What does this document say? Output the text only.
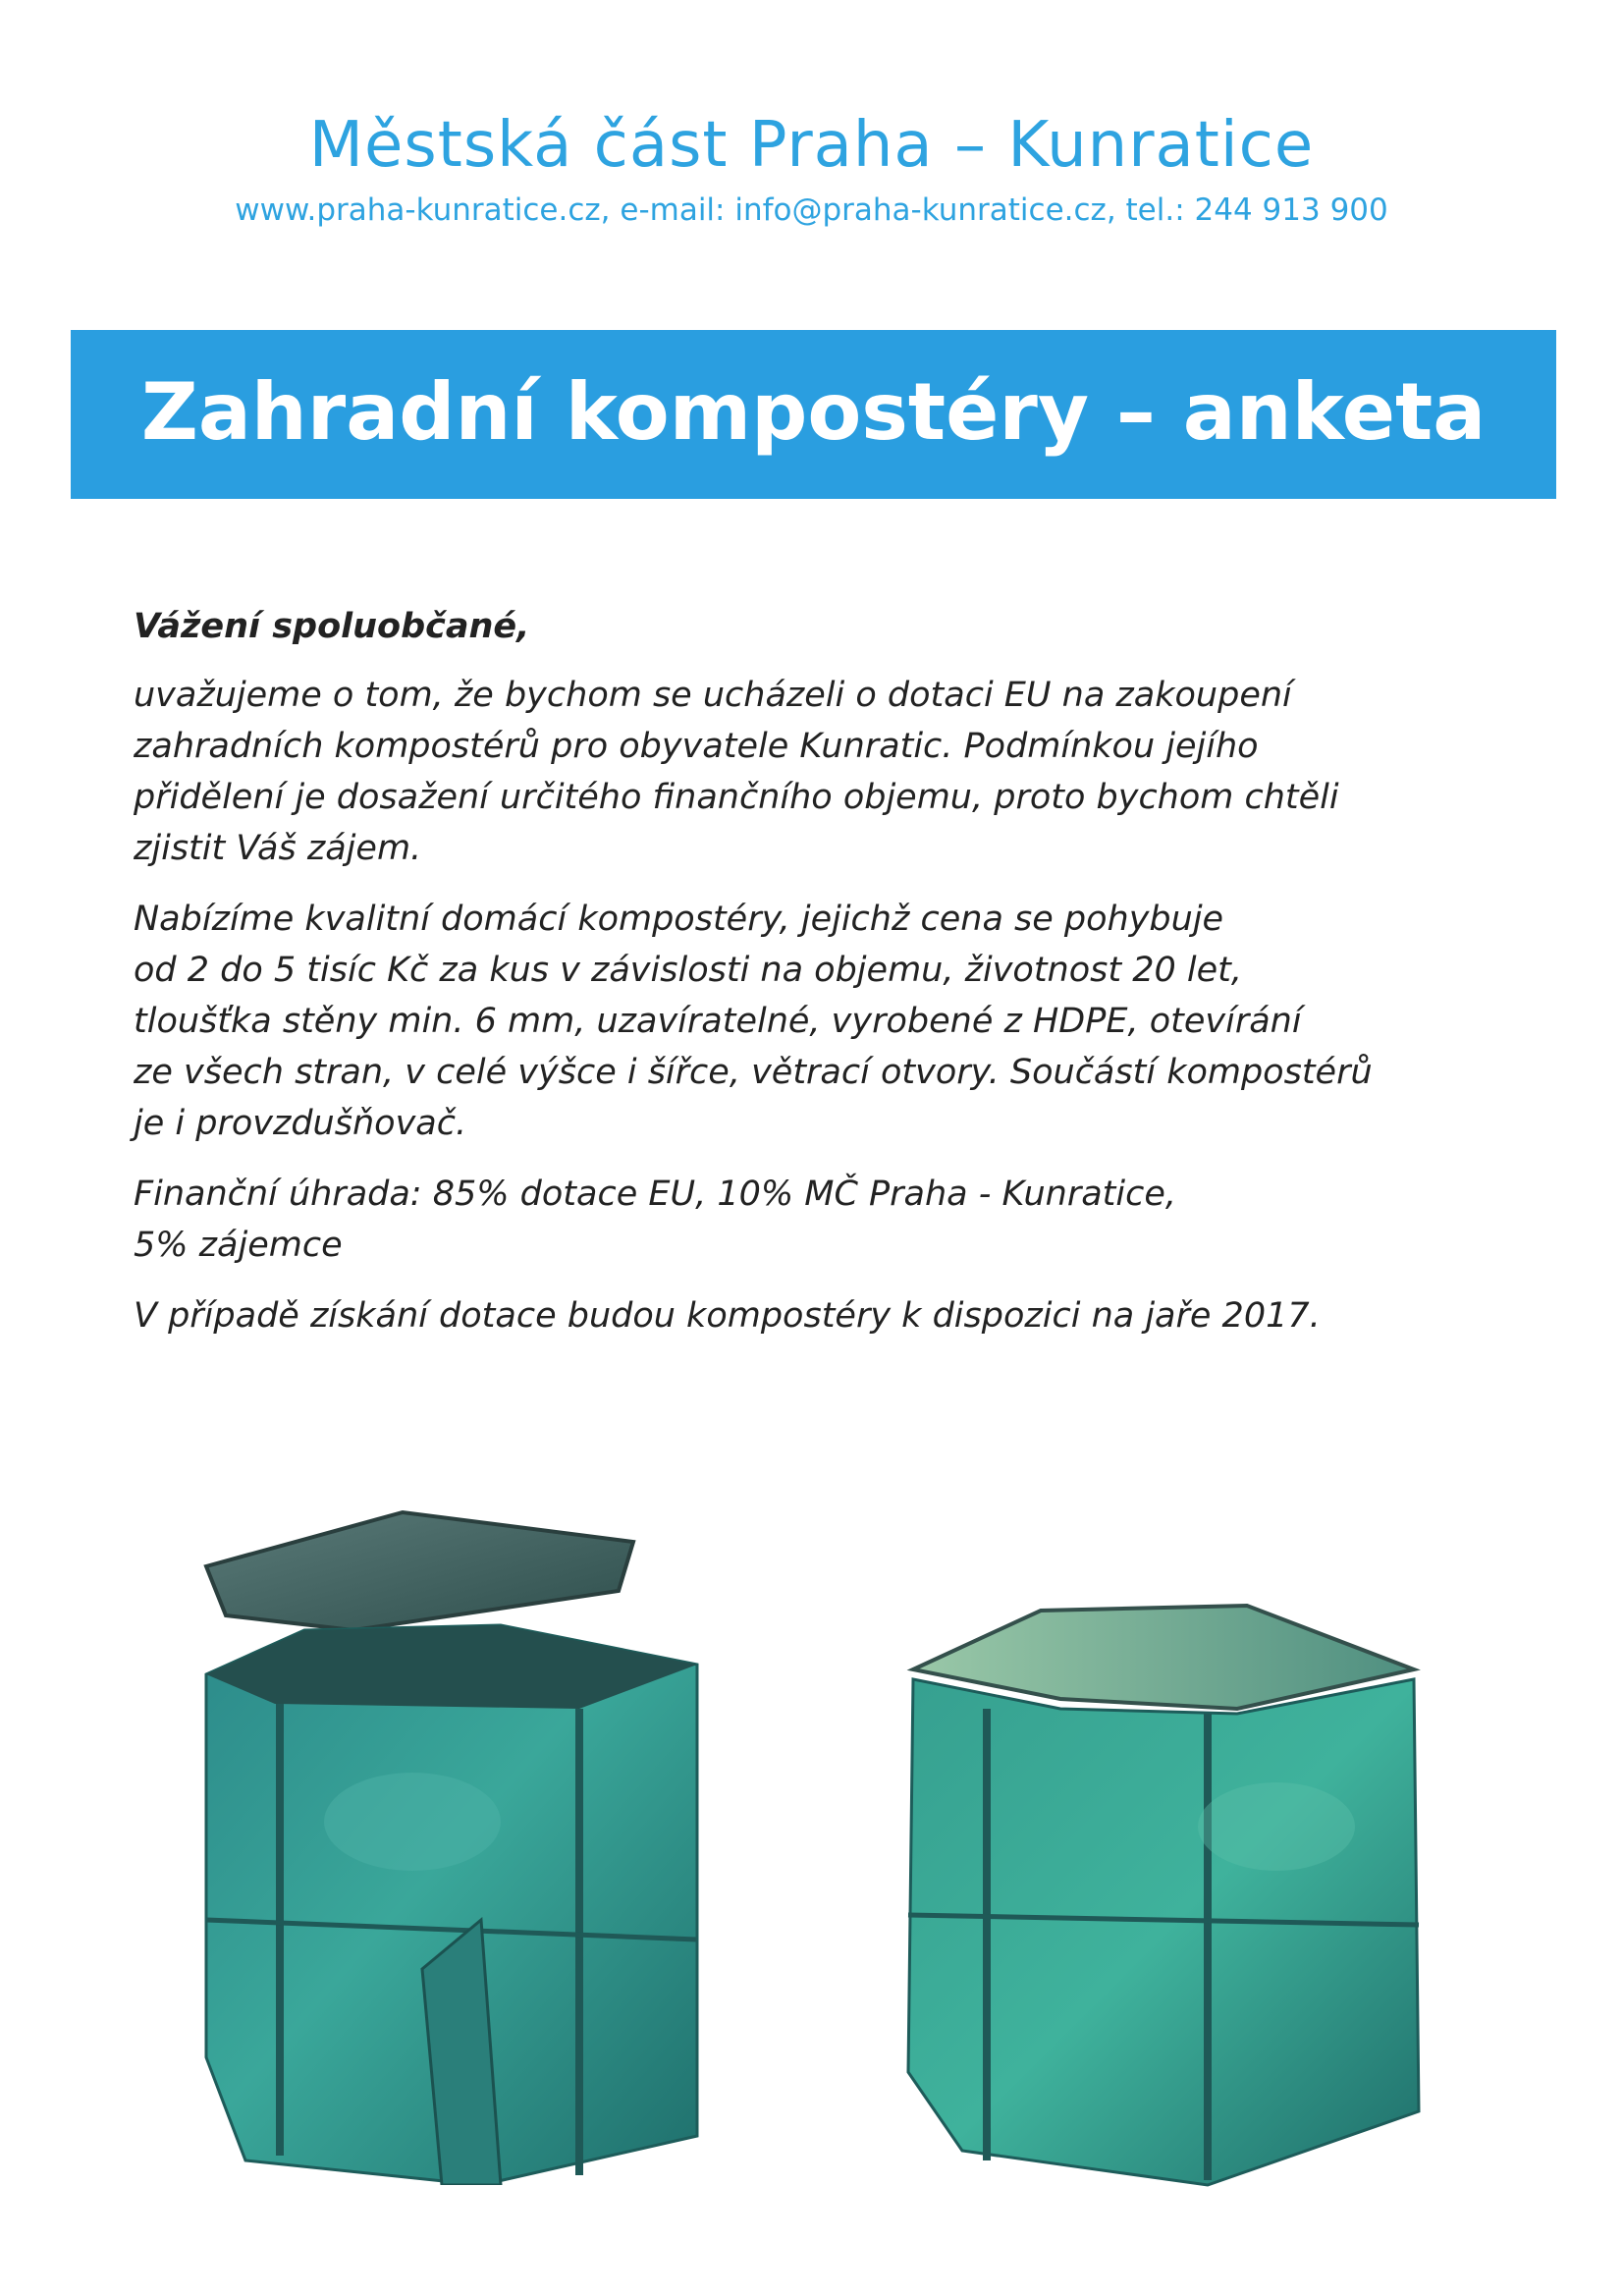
Městská část Praha – Kunratice
www.praha-kunratice.cz, e-mail: info@praha-kunratice.cz, tel.: 244 913 900
Zahradní kompostéry – anketa

Vážení spoluobčané,

uvažujeme o tom, že bychom se ucházeli o dotaci EU na zakoupení
zahradních kompostérů pro obyvatele Kunratic. Podmínkou jejího
přidělení je dosažení určitého finančního objemu, proto bychom chtěli
zjistit Váš zájem.

Nabízíme kvalitní domácí kompostéry, jejichž cena se pohybuje
od 2 do 5 tisíc Kč za kus v závislosti na objemu, životnost 20 let,
tloušťka stěny min. 6 mm, uzavíratelné, vyrobené z HDPE, otevírání
ze všech stran, v celé výšce i šířce, větrací otvory. Součástí kompostérů
je i provzdušňovač.

Finanční úhrada: 85% dotace EU, 10% MČ Praha - Kunratice,
5% zájemce

V případě získání dotace budou kompostéry k dispozici na jaře 2017.
